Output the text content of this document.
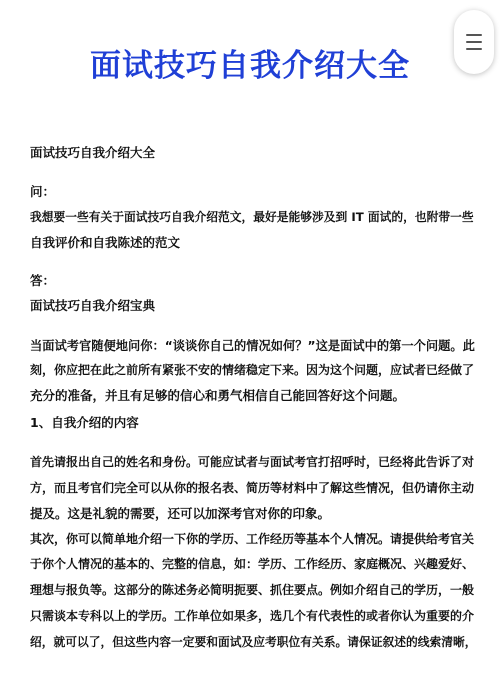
面试技巧自我介绍大全
面试技巧自我介绍大全
问：
我想要一些有关于面试技巧自我介绍范文，最好是能够涉及到 IT 面试的，也附带一些
自我评价和自我陈述的范文
答：
面试技巧自我介绍宝典
当面试考官随便地问你：“谈谈你自己的情况如何？”这是面试中的第一个问题。此
刻，你应把在此之前所有紧张不安的情绪稳定下来。因为这个问题，应试者已经做了
充分的准备，并且有足够的信心和勇气相信自己能回答好这个问题。
1、自我介绍的内容
首先请报出自己的姓名和身份。可能应试者与面试考官打招呼时，已经将此告诉了对
方，而且考官们完全可以从你的报名表、简历等材料中了解这些情况，但仍请你主动
提及。这是礼貌的需要，还可以加深考官对你的印象。
其次，你可以简单地介绍一下你的学历、工作经历等基本个人情况。请提供给考官关
于你个人情况的基本的、完整的信息，如：学历、工作经历、家庭概况、兴趣爱好、
理想与报负等。这部分的陈述务必简明扼要、抓住要点。例如介绍自己的学历，一般
只需谈本专科以上的学历。工作单位如果多，选几个有代表性的或者你认为重要的介
绍，就可以了，但这些内容一定要和面试及应考职位有关系。请保证叙述的线索清晰，
